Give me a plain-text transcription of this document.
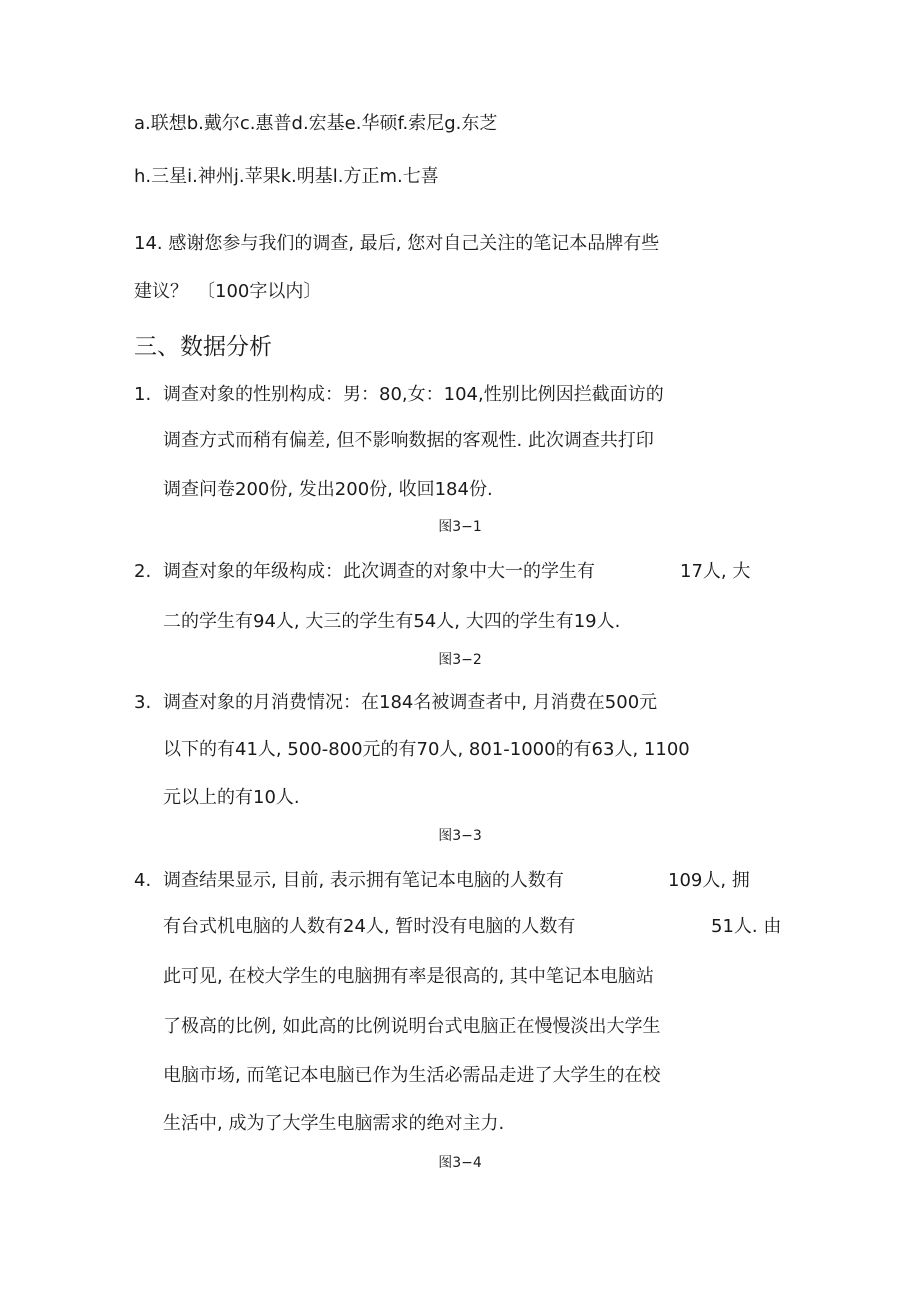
a.联想b.戴尔c.惠普d.宏基e.华硕f.索尼g.东芝
h.三星i.神州j.苹果k.明基l.方正m.七喜
14. 感谢您参与我们的调查, 最后, 您对自己关注的笔记本品牌有些
建议？　〔100字以内〕
三、数据分析
1. 调查对象的性别构成：男：80,女：104,性别比例因拦截面访的
调查方式而稍有偏差, 但不影响数据的客观性. 此次调查共打印
调查问卷200份, 发出200份, 收回184份.
图3−1
2. 调查对象的年级构成：此次调查的对象中大一的学生有	17人, 大
二的学生有94人, 大三的学生有54人, 大四的学生有19人.
图3−2
3. 调查对象的月消费情况：在184名被调查者中, 月消费在500元
以下的有41人, 500-800元的有70人, 801-1000的有63人, 1100
元以上的有10人.
图3−3
4. 调查结果显示, 目前, 表示拥有笔记本电脑的人数有	109人, 拥
有台式机电脑的人数有24人, 暂时没有电脑的人数有	51人. 由
此可见, 在校大学生的电脑拥有率是很高的, 其中笔记本电脑站
了极高的比例, 如此高的比例说明台式电脑正在慢慢淡出大学生
电脑市场, 而笔记本电脑已作为生活必需品走进了大学生的在校
生活中, 成为了大学生电脑需求的绝对主力.
图3−4
